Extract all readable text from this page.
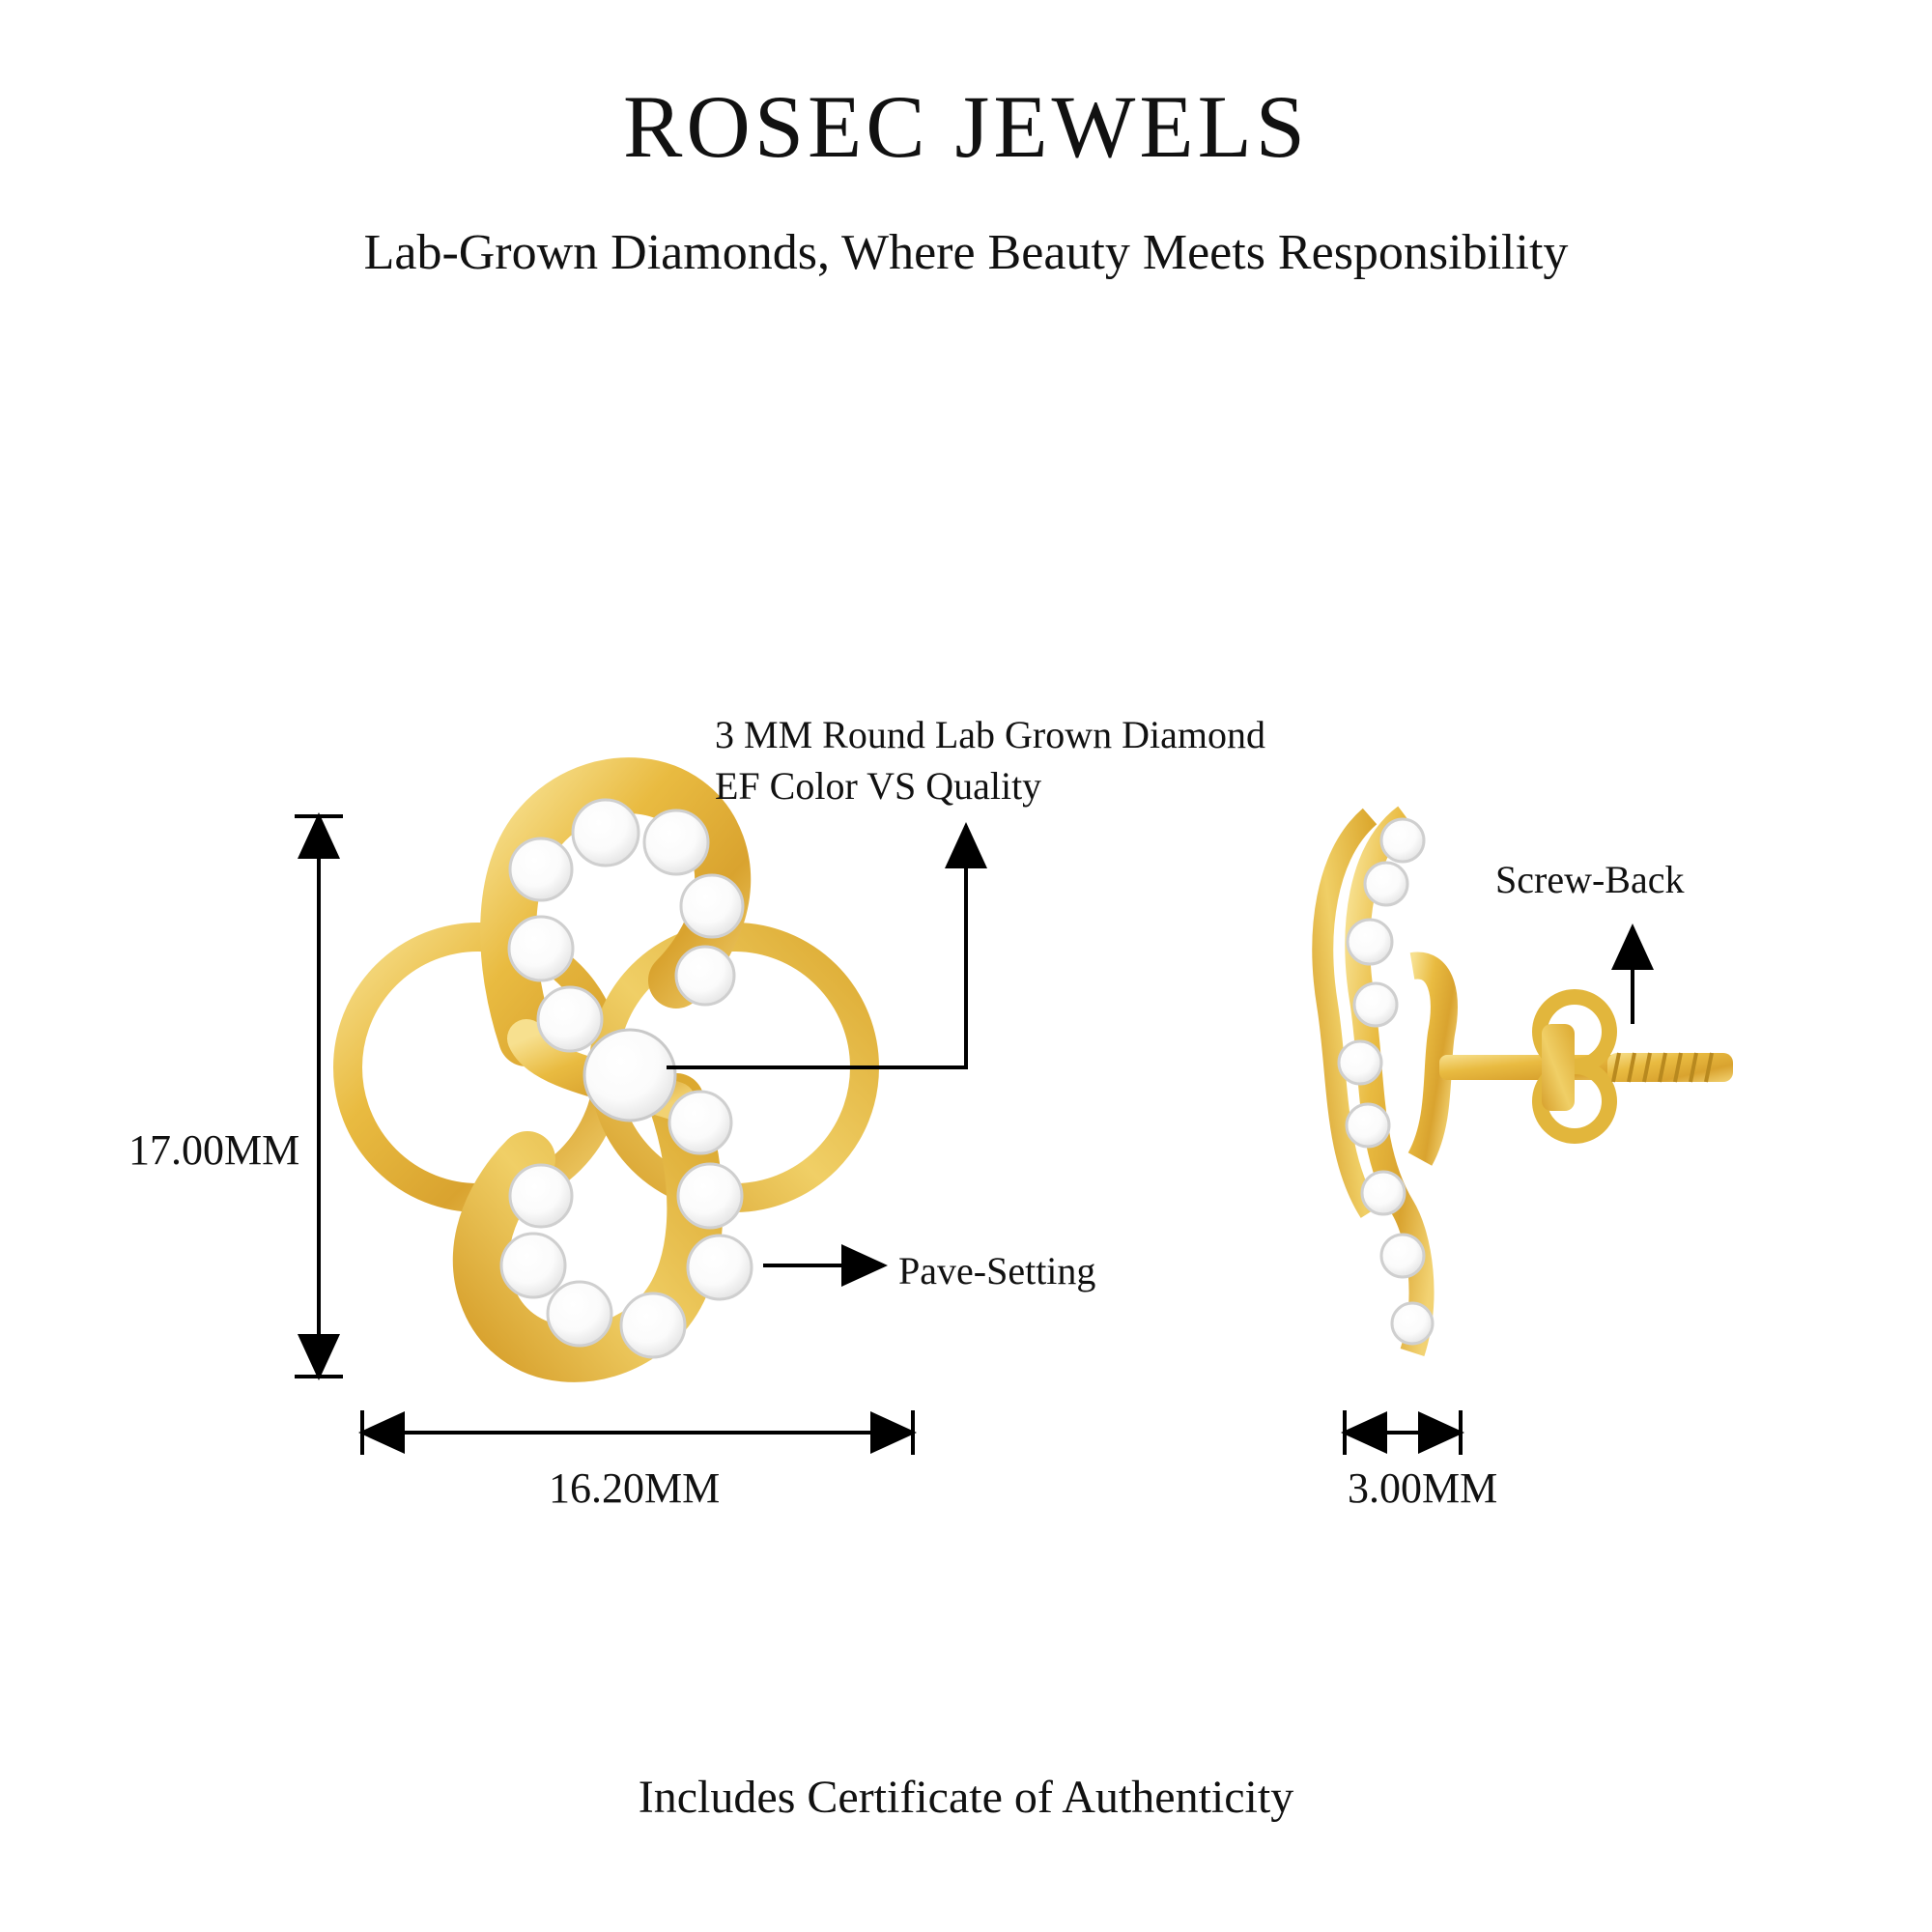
ROSEC JEWELS
Lab-Grown Diamonds, Where Beauty Meets Responsibility
3 MM Round Lab Grown Diamond
EF Color VS Quality
Pave-Setting
Screw-Back
17.00MM
16.20MM	3.00MM
Includes Certificate of Authenticity
